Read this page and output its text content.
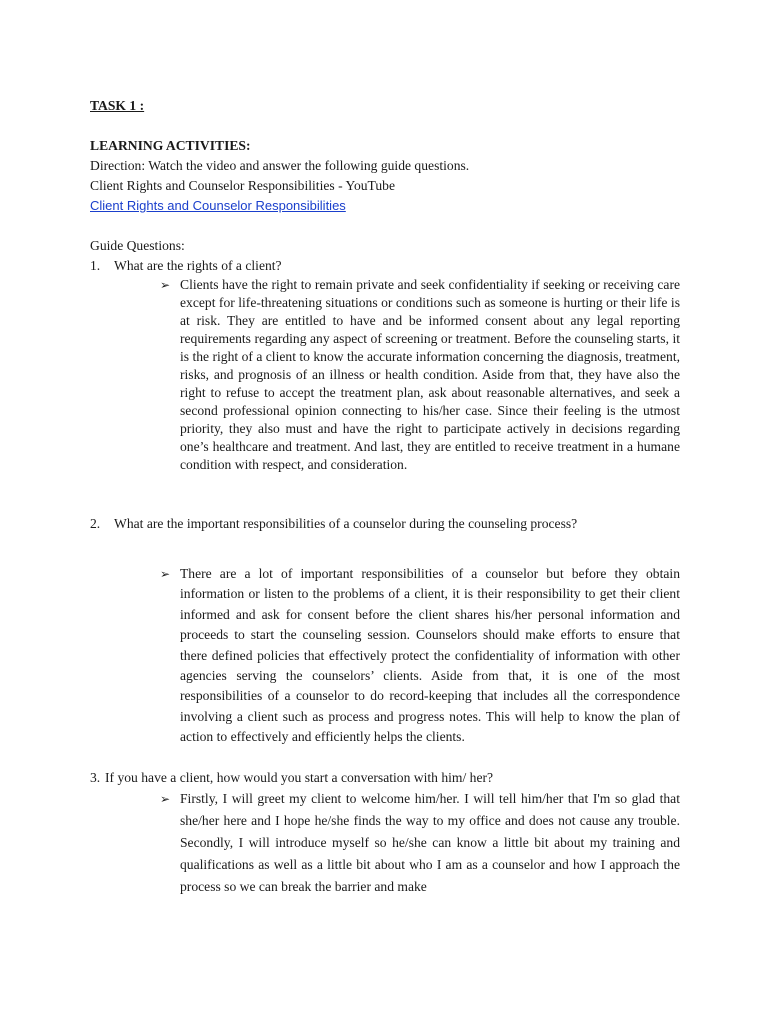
TASK 1 :
LEARNING ACTIVITIES:
Direction: Watch the video and answer the following guide questions.
Client Rights and Counselor Responsibilities - YouTube
Client Rights and Counselor Responsibilities
Guide Questions:
1.	What are the rights of a client?
➢ Clients have the right to remain private and seek confidentiality if seeking or receiving care except for life-threatening situations or conditions such as someone is hurting or their life is at risk. They are entitled to have and be informed consent about any legal reporting requirements regarding any aspect of screening or treatment. Before the counseling starts, it is the right of a client to know the accurate information concerning the diagnosis, treatment, risks, and prognosis of an illness or health condition. Aside from that, they have also the right to refuse to accept the treatment plan, ask about reasonable alternatives, and seek a second professional opinion connecting to his/her case. Since their feeling is the utmost priority, they also must and have the right to participate actively in decisions regarding one’s healthcare and treatment. And last, they are entitled to receive treatment in a humane condition with respect, and consideration.
2.	What are the important responsibilities of a counselor during the counseling process?
➢ There are a lot of important responsibilities of a counselor but before they obtain information or listen to the problems of a client, it is their responsibility to get their client informed and ask for consent before the client shares his/her personal information and proceeds to start the counseling session. Counselors should make efforts to ensure that there defined policies that effectively protect the confidentiality of information with other agencies serving the counselors’ clients. Aside from that, it is one of the most responsibilities of a counselor to do record-keeping that includes all the correspondence involving a client such as process and progress notes. This will help to know the plan of action to effectively and efficiently helps the clients.
3. If you have a client, how would you start a conversation with him/ her?
➢ Firstly, I will greet my client to welcome him/her. I will tell him/her that I'm so glad that she/her here and I hope he/she finds the way to my office and does not cause any trouble. Secondly, I will introduce myself so he/she can know a little bit about my training and qualifications as well as a little bit about who I am as a counselor and how I approach the process so we can break the barrier and make
